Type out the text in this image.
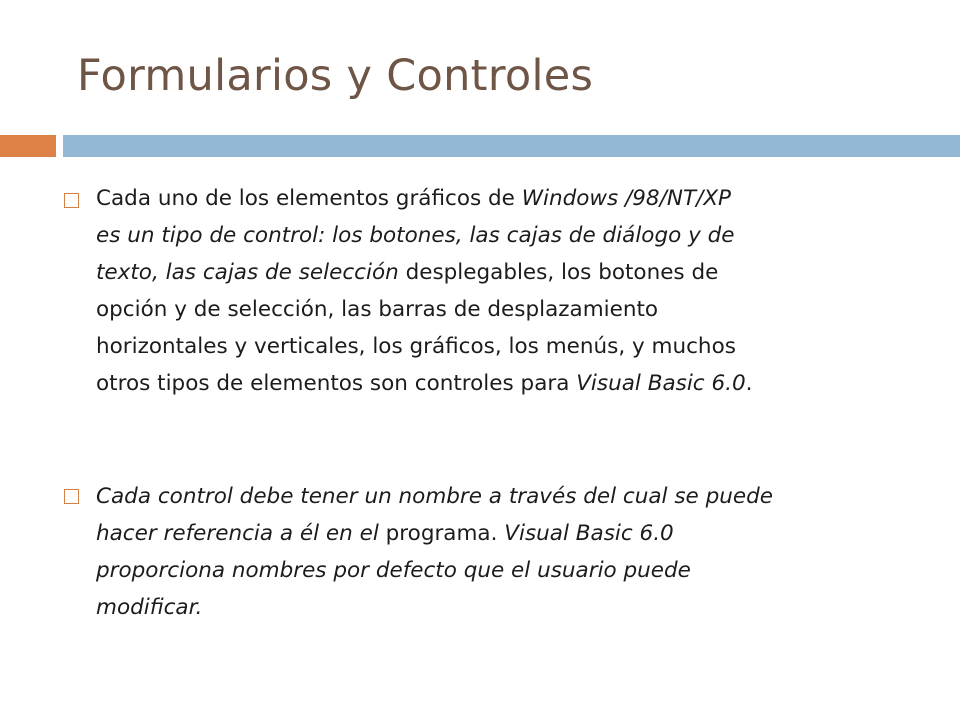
Formularios y Controles
Cada uno de los elementos gráficos de Windows /98/NT/XP
es un tipo de control: los botones, las cajas de diálogo y de
texto, las cajas de selección desplegables, los botones de
opción y de selección, las barras de desplazamiento
horizontales y verticales, los gráficos, los menús, y muchos
otros tipos de elementos son controles para Visual Basic 6.0.
Cada control debe tener un nombre a través del cual se puede
hacer referencia a él en el programa. Visual Basic 6.0
proporciona nombres por defecto que el usuario puede
modificar.
